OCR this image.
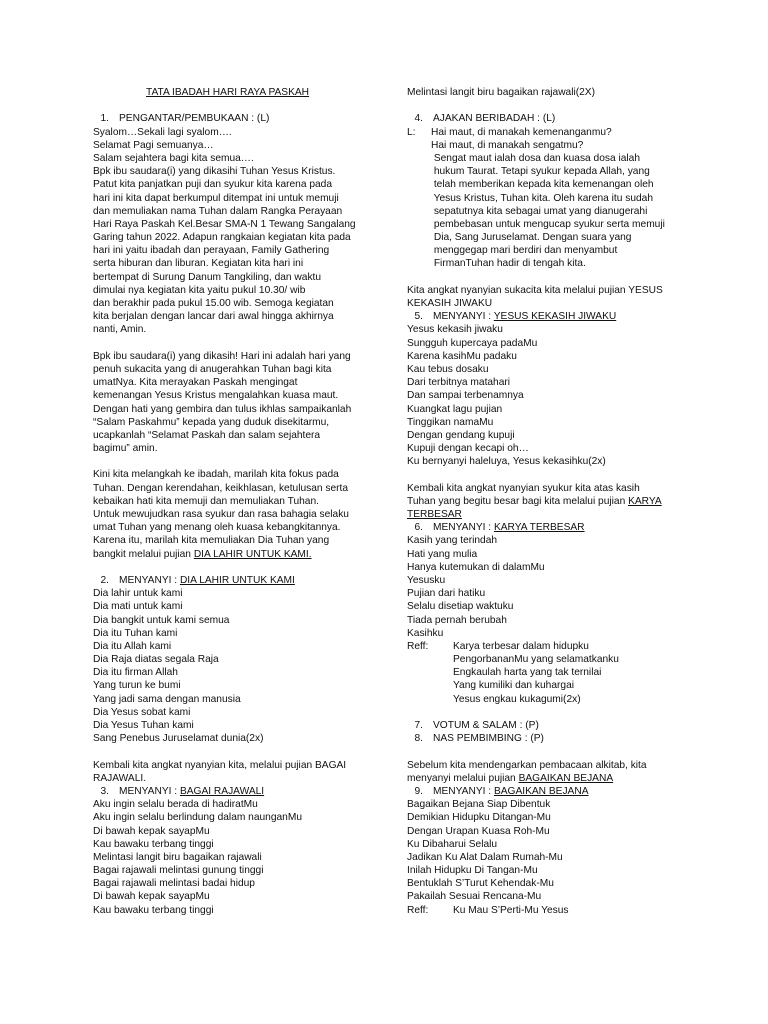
TATA IBADAH HARI RAYA PASKAH
1. PENGANTAR/PEMBUKAAN : (L)
Syalom…Sekali lagi syalom….
Selamat Pagi semuanya…
Salam sejahtera bagi kita semua….
Bpk ibu saudara(i) yang dikasihi Tuhan Yesus Kristus.
Patut kita panjatkan puji dan syukur kita karena pada
hari ini kita dapat berkumpul ditempat ini untuk memuji
dan memuliakan nama Tuhan dalam Rangka Perayaan
Hari Raya Paskah Kel.Besar SMA-N 1 Tewang Sangalang
Garing tahun 2022. Adapun rangkaian kegiatan kita pada
hari ini yaitu ibadah dan perayaan, Family Gathering
serta hiburan dan liburan. Kegiatan kita hari ini
bertempat di Surung Danum Tangkiling, dan waktu
dimulai nya kegiatan kita yaitu pukul 10.30/ wib
dan berakhir pada pukul 15.00 wib. Semoga kegiatan
kita berjalan dengan lancar dari awal hingga akhirnya
nanti, Amin.
Bpk ibu saudara(i) yang dikasih! Hari ini adalah hari yang
penuh sukacita yang di anugerahkan Tuhan bagi kita
umatNya. Kita merayakan Paskah mengingat
kemenangan Yesus Kristus mengalahkan kuasa maut.
Dengan hati yang gembira dan tulus ikhlas sampaikanlah
“Salam Paskahmu” kepada yang duduk disekitarmu,
ucapkanlah “Selamat Paskah dan salam sejahtera
bagimu” amin.
Kini kita melangkah ke ibadah, marilah kita fokus pada
Tuhan. Dengan kerendahan, keikhlasan, ketulusan serta
kebaikan hati kita memuji dan memuliakan Tuhan.
Untuk mewujudkan rasa syukur dan rasa bahagia selaku
umat Tuhan yang menang oleh kuasa kebangkitannya.
Karena itu, marilah kita memuliakan Dia Tuhan yang
bangkit melalui pujian DIA LAHIR UNTUK KAMI.
2. MENYANYI : DIA LAHIR UNTUK KAMI
Dia lahir untuk kami
Dia mati untuk kami
Dia bangkit untuk kami semua
Dia itu Tuhan kami
Dia itu Allah kami
Dia Raja diatas segala Raja
Dia itu firman Allah
Yang turun ke bumi
Yang jadi sama dengan manusia
Dia Yesus sobat kami
Dia Yesus Tuhan kami
Sang Penebus Juruselamat dunia(2x)
Kembali kita angkat nyanyian kita, melalui pujian BAGAI
RAJAWALI.
3. MENYANYI : BAGAI RAJAWALI
Aku ingin selalu berada di hadiratMu
Aku ingin selalu berlindung dalam naunganMu
Di bawah kepak sayapMu
Kau bawaku terbang tinggi
Melintasi langit biru bagaikan rajawali
Bagai rajawali melintasi gunung tinggi
Bagai rajawali melintasi badai hidup
Di bawah kepak sayapMu
Kau bawaku terbang tinggi
Melintasi langit biru bagaikan rajawali(2X)
4. AJAKAN BERIBADAH : (L)
L: Hai maut, di manakah kemenanganmu?
Hai maut, di manakah sengatmu?
Sengat maut ialah dosa dan kuasa dosa ialah
hukum Taurat. Tetapi syukur kepada Allah, yang
telah memberikan kepada kita kemenangan oleh
Yesus Kristus, Tuhan kita. Oleh karena itu sudah
sepatutnya kita sebagai umat yang dianugerahi
pembebasan untuk mengucap syukur serta memuji
Dia, Sang Juruselamat. Dengan suara yang
menggegap mari berdiri dan menyambut
FirmanTuhan hadir di tengah kita.
Kita angkat nyanyian sukacita kita melalui pujian YESUS
KEKASIH JIWAKU
5. MENYANYI : YESUS KEKASIH JIWAKU
Yesus kekasih jiwaku
Sungguh kupercaya padaMu
Karena kasihMu padaku
Kau tebus dosaku
Dari terbitnya matahari
Dan sampai terbenamnya
Kuangkat lagu pujian
Tinggikan namaMu
Dengan gendang kupuji
Kupuji dengan kecapi oh…
Ku bernyanyi haleluya, Yesus kekasihku(2x)
Kembali kita angkat nyanyian syukur kita atas kasih
Tuhan yang begitu besar bagi kita melalui pujian KARYA
TERBESAR
6. MENYANYI : KARYA TERBESAR
Kasih yang terindah
Hati yang mulia
Hanya kutemukan di dalamMu
Yesusku
Pujian dari hatiku
Selalu disetiap waktuku
Tiada pernah berubah
Kasihku
Reff: Karya terbesar dalam hidupku
PengorbananMu yang selamatkanku
Engkaulah harta yang tak ternilai
Yang kumiliki dan kuhargai
Yesus engkau kukagumi(2x)
7. VOTUM & SALAM : (P)
8. NAS PEMBIMBING : (P)
Sebelum kita mendengarkan pembacaan alkitab, kita
menyanyi melalui pujian BAGAIKAN BEJANA
9. MENYANYI : BAGAIKAN BEJANA
Bagaikan Bejana Siap Dibentuk
Demikian Hidupku Ditangan-Mu
Dengan Urapan Kuasa Roh-Mu
Ku Dibaharui Selalu
Jadikan Ku Alat Dalam Rumah-Mu
Inilah Hidupku Di Tangan-Mu
Bentuklah S’Turut Kehendak-Mu
Pakailah Sesuai Rencana-Mu
Reff: Ku Mau S’Perti-Mu Yesus
